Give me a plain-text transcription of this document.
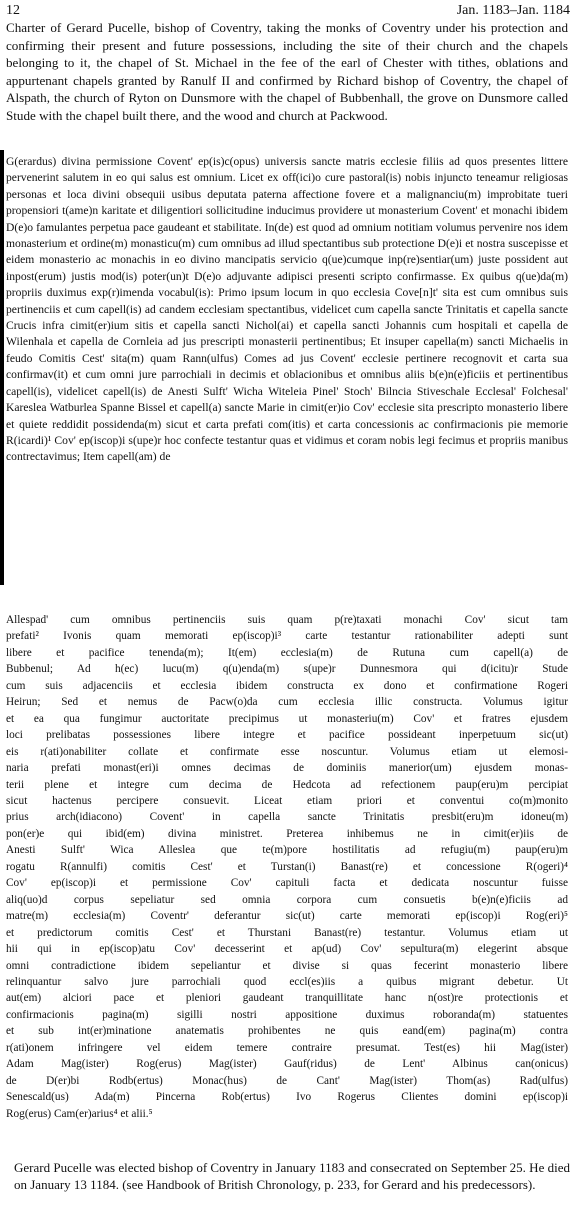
12	Jan. 1183–Jan. 1184

Charter of Gerard Pucelle, bishop of Coventry, taking the monks of Coventry under his protection and confirming their present and future possessions, including the site of their church and the chapels belonging to it, the chapel of St. Michael in the fee of the earl of Chester with tithes, oblations and appurtenant chapels granted by Ranulf II and confirmed by Richard bishop of Coventry, the chapel of Alspath, the church of Ryton on Dunsmore with the chapel of Bubbenhall, the grove on Dunsmore called Stude with the chapel built there, and the wood and church at Packwood.

G(erardus) divina permissione Covent' ep(is)c(opus) universis sancte matris ecclesie filiis ad quos presentes littere pervenerint salutem in eo qui salus est omnium. Licet ex off(ici)o cure pastoral(is) nobis injuncto teneamur religiosas personas et loca divini obsequii usibus deputata paterna affectione fovere et a malignanciu(m) improbitate tueri propensiori t(ame)n karitate et diligentiori sollicitudine inducimus providere ut monasterium Covent' et monachi ibidem D(e)o famulantes perpetua pace gaudeant et stabilitate. In(de) est quod ad omnium notitiam volumus pervenire nos idem monasterium et ordine(m) monasticu(m) cum omnibus ad illud spectantibus sub protectione D(e)i et nostra suscepisse et eidem monasterio ac monachis in eo divino mancipatis servicio q(ue)cumque inp(re)sentiar(um) juste possident aut inpost(erum) justis mod(is) poter(un)t D(e)o adjuvante adipisci presenti scripto confirmasse. Ex quibus q(ue)da(m) propriis duximus exp(r)imenda vocabul(is): Primo ipsum locum in quo ecclesia Cove[n]t' sita est cum omnibus suis pertinenciis et cum capell(is) ad candem ecclesiam spectantibus, videlicet cum capella sancte Trinitatis et capella sancte Crucis infra cimit(er)ium sitis et capella sancti Nichol(ai) et capella sancti Johannis cum hospitali et capella de Wilenhala et capella de Cornleia ad jus prescripti monasterii pertinentibus; Et insuper capella(m) sancti Michaelis in feudo Comitis Cest' sita(m) quam Rann(ulfus) Comes ad jus Covent' ecclesie pertinere recognovit et carta sua confirmav(it) et cum omni jure parrochiali in decimis et oblacionibus et omnibus aliis b(e)n(e)ficiis et pertinentibus capell(is), videlicet capell(is) de Anesti Sulft' Wicha Witeleia Pinel' Stoch' Bilncia Stiveschale Ecclesal' Folchesal' Kareslea Watburlea Spanne Bissel et capell(a) sancte Marie in cimit(er)io Cov' ecclesie sita prescripto monasterio libere et quiete reddidit possidenda(m) sicut et carta prefati com(itis) et carta concessionis ac confirmacionis pie memorie R(icardi)¹ Cov' ep(iscop)i s(upe)r hoc confecte testantur quas et vidimus et coram nobis legi fecimus et propriis manibus contrectavimus; Item capell(am) de

Allespad' cum omnibus pertinenciis suis quam p(re)taxati monachi Cov' sicut tam
prefati² Ivonis quam memorati ep(iscop)i³ carte testantur rationabiliter adepti sunt
libere et pacifice tenenda(m); It(em) ecclesia(m) de Rutuna cum capell(a) de
Bubbenul; Ad h(ec) lucu(m) q(u)enda(m) s(upe)r Dunnesmora qui d(icitu)r Stude
cum suis adjacenciis et ecclesia ibidem constructa ex dono et confirmatione Rogeri
Heirun; Sed et nemus de Pacw(o)da cum ecclesia illic constructa. Volumus igitur
et ea qua fungimur auctoritate precipimus ut monasteriu(m) Cov' et fratres ejusdem
loci prelibatas possessiones libere integre et pacifice possideant inperpetuum sic(ut)
eis r(ati)onabiliter collate et confirmate esse noscuntur. Volumus etiam ut elemosi-
naria prefati monast(eri)i omnes decimas de dominiis manerior(um) ejusdem monas-
terii plene et integre cum decima de Hedcota ad refectionem paup(eru)m percipiat
sicut hactenus percipere consuevit. Liceat etiam priori et conventui co(m)monito
prius arch(idiacono) Covent' in capella sancte Trinitatis presbit(eru)m idoneu(m)
pon(er)e qui ibid(em) divina ministret. Preterea inhibemus ne in cimit(er)iis de
Anesti Sulft' Wica Alleslea que te(m)pore hostilitatis ad refugiu(m) paup(eru)m
rogatu R(annulfi) comitis Cest' et Turstan(i) Banast(re) et concessione R(ogeri)⁴
Cov' ep(iscop)i et permissione Cov' capituli facta et dedicata noscuntur fuisse
aliq(uo)d corpus sepeliatur sed omnia corpora cum consuetis b(e)n(e)ficiis ad
matre(m) ecclesia(m) Coventr' deferantur sic(ut) carte memorati ep(iscop)i Rog(eri)⁵
et predictorum comitis Cest' et Thurstani Banast(re) testantur. Volumus etiam ut
hii qui in ep(iscop)atu Cov' decesserint et ap(ud) Cov' sepultura(m) elegerint absque
omni contradictione ibidem sepeliantur et divise si quas fecerint monasterio libere
relinquantur salvo jure parrochiali quod eccl(es)iis a quibus migrant debetur. Ut
aut(em) alciori pace et pleniori gaudeant tranquillitate hanc n(ost)re protectionis et
confirmacionis pagina(m) sigilli nostri appositione duximus roboranda(m) statuentes
et sub int(er)minatione anatematis prohibentes ne quis eand(em) pagina(m) contra
r(ati)onem infringere vel eidem temere contraire presumat. Test(es) hii Mag(ister)
Adam Mag(ister) Rog(erus) Mag(ister) Gauf(ridus) de Lent' Albinus can(onicus)
de D(er)bi Rodb(ertus) Monac(hus) de Cant' Mag(ister) Thom(as) Rad(ulfus)
Senescald(us) Ada(m) Pincerna Rob(ertus) Ivo Rogerus Clientes domini ep(iscop)i
Rog(erus) Cam(er)arius⁴ et alii.⁵

Gerard Pucelle was elected bishop of Coventry in January 1183 and consecrated on September 25. He died on January 13 1184. (see Handbook of British Chronology, p. 233, for Gerard and his predecessors).
